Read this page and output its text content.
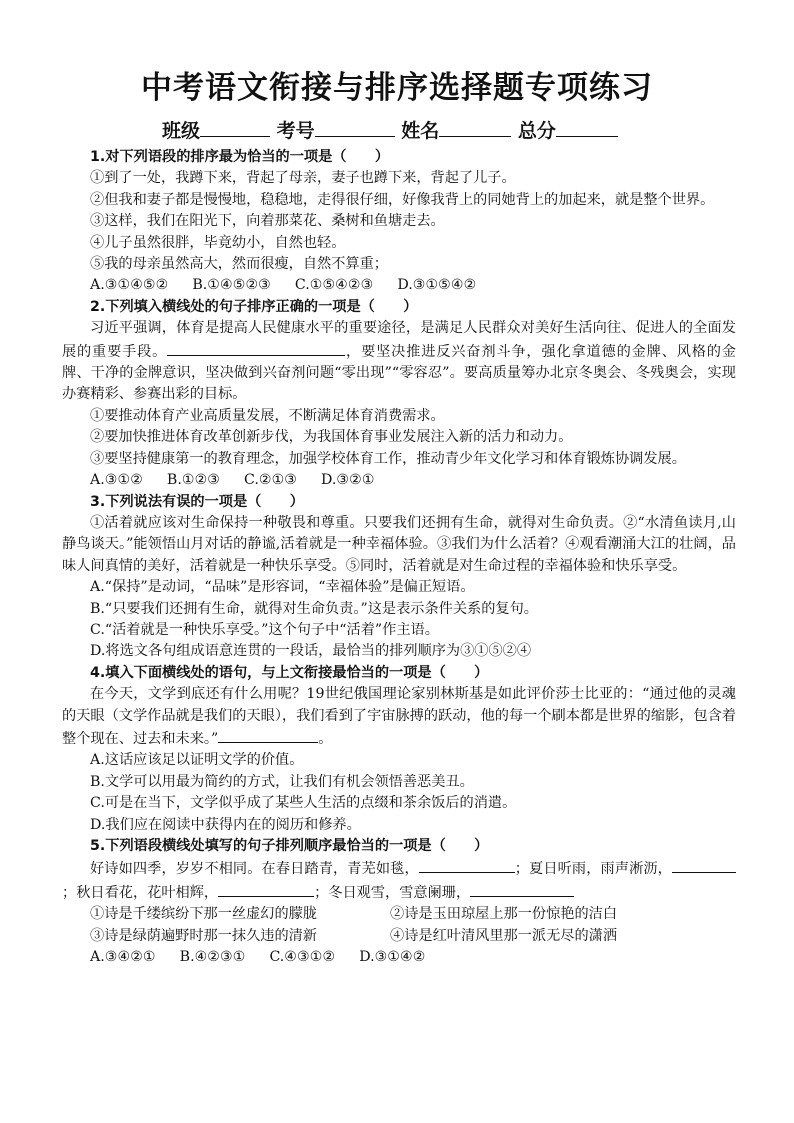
中考语文衔接与排序选择题专项练习
班级	考号	姓名	总分
1.对下列语段的排序最为恰当的一项是（　　）
①到了一处，我蹲下来，背起了母亲，妻子也蹲下来，背起了儿子。
②但我和妻子都是慢慢地，稳稳地，走得很仔细，好像我背上的同她背上的加起来，就是整个世界。
③这样，我们在阳光下，向着那菜花、桑树和鱼塘走去。
④儿子虽然很胖，毕竟幼小，自然也轻。
⑤我的母亲虽然高大，然而很瘦，自然不算重；
A.③①④⑤② B.①④⑤②③ C.①⑤④②③ D.③①⑤④②
2.下列填入横线处的句子排序正确的一项是（　　）
习近平强调，体育是提高人民健康水平的重要途径，是满足人民群众对美好生活向往、促进人的全面发展的重要手段。	，要坚决推进反兴奋剂斗争，强化拿道德的金牌、风格的金牌、干净的金牌意识，坚决做到兴奋剂问题“零出现”“零容忍”。要高质量筹办北京冬奥会、冬残奥会，实现办赛精彩、参赛出彩的目标。
①要推动体育产业高质量发展，不断满足体育消费需求。
②要加快推进体育改革创新步伐，为我国体育事业发展注入新的活力和动力。
③要坚持健康第一的教育理念，加强学校体育工作，推动青少年文化学习和体育锻炼协调发展。
A.③①② B.①②③ C.②①③ D.③②①
3.下列说法有误的一项是（　　）
①活着就应该对生命保持一种敬畏和尊重。只要我们还拥有生命，就得对生命负责。②“水清鱼读月,山静鸟谈天。”能领悟山月对话的静谧,活着就是一种幸福体验。③我们为什么活着？④观看潮涌大江的壮阔，品味人间真情的美好，活着就是一种快乐享受。⑤同时，活着就是对生命过程的幸福体验和快乐享受。
A.“保持”是动词，“品味”是形容词，“幸福体验”是偏正短语。
B.“只要我们还拥有生命，就得对生命负责。”这是表示条件关系的复句。
C.“活着就是一种快乐享受。”这个句子中“活着”作主语。
D.将选文各句组成语意连贯的一段话，最恰当的排列顺序为③①⑤②④
4.填入下面横线处的语句，与上文衔接最恰当的一项是（　　）
在今天，文学到底还有什么用呢？19世纪俄国理论家别林斯基是如此评价莎士比亚的：“通过他的灵魂的天眼（文学作品就是我们的天眼），我们看到了宇宙脉搏的跃动，他的每一个刷本都是世界的缩影，包含着整个现在、过去和未来。”	。
A.这话应该足以证明文学的价值。
B.文学可以用最为简约的方式，让我们有机会领悟善恶美丑。
C.可是在当下，文学似乎成了某些人生活的点缀和茶余饭后的消遣。
D.我们应在阅读中获得内在的阅历和修养。
5.下列语段横线处填写的句子排列顺序最恰当的一项是（　　）
好诗如四季，岁岁不相同。在春日踏青，青芜如毯，	；夏日听雨，雨声淅沥，；秋日看花，花叶相辉，	；冬日观雪，雪意阑珊，
①诗是千缕缤纷下那一丝虚幻的朦胧	②诗是玉田琼屋上那一份惊艳的洁白
③诗是绿荫遍野时那一抹久违的清新	④诗是红叶清风里那一派无尽的潇洒
A.③④②① B.④②③① C.④③①② D.③①④②
